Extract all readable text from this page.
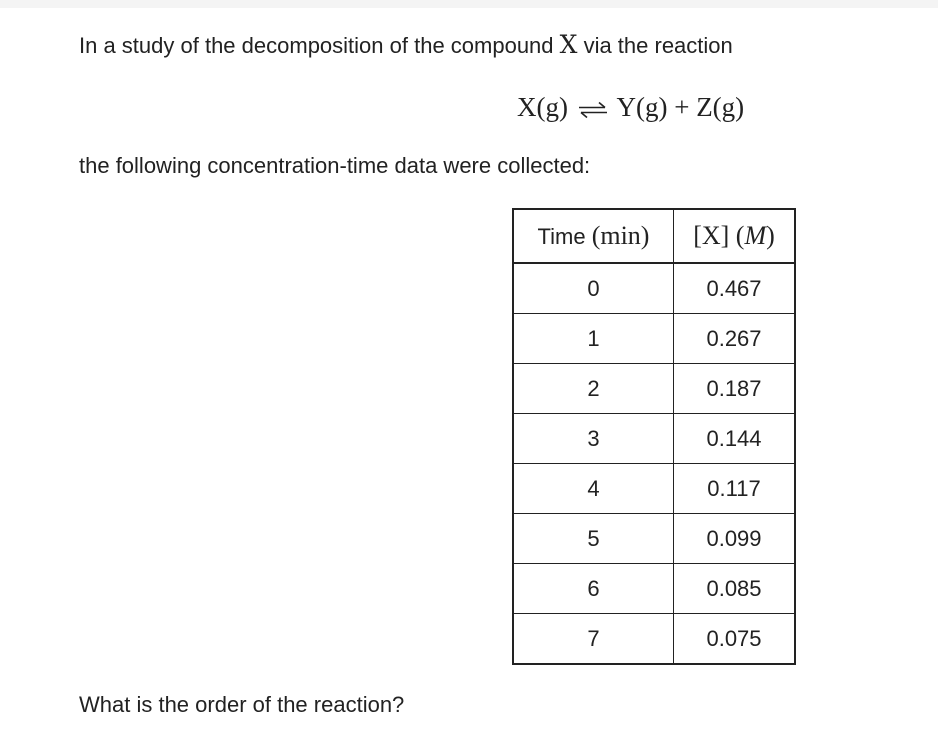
In a study of the decomposition of the compound X via the reaction
X(g) ⇌ Y(g) + Z(g)
the following concentration-time data were collected:
Time (min)	[X] (M)
0	0.467
1	0.267
2	0.187
3	0.144
4	0.117
5	0.099
6	0.085
7	0.075
What is the order of the reaction?
